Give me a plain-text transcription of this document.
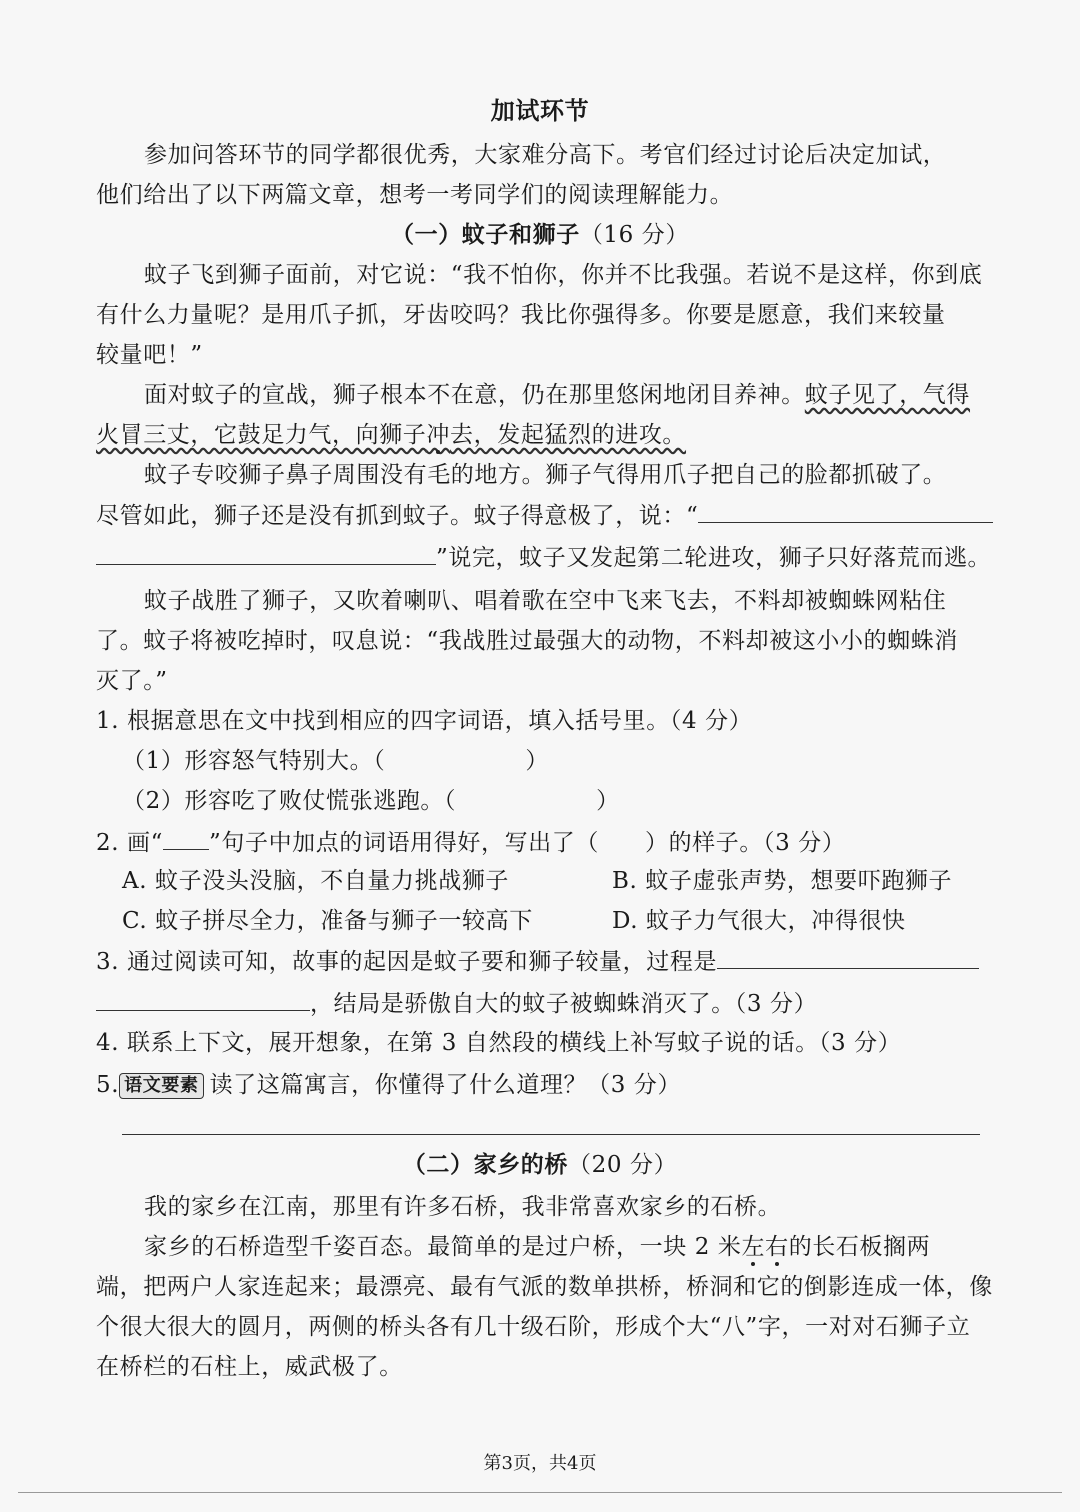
加试环节
参加问答环节的同学都很优秀，大家难分高下。考官们经过讨论后决定加试，
他们给出了以下两篇文章，想考一考同学们的阅读理解能力。
（一）蚊子和狮子（16 分）
蚊子飞到狮子面前，对它说：“我不怕你，你并不比我强。若说不是这样，你到底
有什么力量呢？是用爪子抓，牙齿咬吗？我比你强得多。你要是愿意，我们来较量
较量吧！”
面对蚊子的宣战，狮子根本不在意，仍在那里悠闲地闭目养神。蚊子见了，气得
火冒三丈，它鼓足力气，向狮子冲去，发起猛烈的进攻。
蚊子专咬狮子鼻子周围没有毛的地方。狮子气得用爪子把自己的脸都抓破了。
尽管如此，狮子还是没有抓到蚊子。蚊子得意极了，说：“
”说完，蚊子又发起第二轮进攻，狮子只好落荒而逃。
蚊子战胜了狮子，又吹着喇叭、唱着歌在空中飞来飞去，不料却被蜘蛛网粘住
了。蚊子将被吃掉时，叹息说：“我战胜过最强大的动物，不料却被这小小的蜘蛛消
灭了。”
1. 根据意思在文中找到相应的四字词语，填入括号里。（4 分）
（1）形容怒气特别大。（	）
（2）形容吃了败仗慌张逃跑。（	）
2. 画“ ”句子中加点的词语用得好，写出了（ ）的样子。（3 分）
A. 蚊子没头没脑，不自量力挑战狮子	B. 蚊子虚张声势，想要吓跑狮子
C. 蚊子拼尽全力，准备与狮子一较高下	D. 蚊子力气很大，冲得很快
3. 通过阅读可知，故事的起因是蚊子要和狮子较量，过程是
，结局是骄傲自大的蚊子被蜘蛛消灭了。（3 分）
4. 联系上下文，展开想象，在第 3 自然段的横线上补写蚊子说的话。（3 分）
5. 语文要素 读了这篇寓言，你懂得了什么道理？（3 分）
（二）家乡的桥（20 分）
我的家乡在江南，那里有许多石桥，我非常喜欢家乡的石桥。
家乡的石桥造型千姿百态。最简单的是过户桥，一块 2 米左右的长石板搁两
端，把两户人家连起来；最漂亮、最有气派的数单拱桥，桥洞和它的倒影连成一体，像
个很大很大的圆月，两侧的桥头各有几十级石阶，形成个大“八”字，一对对石狮子立
在桥栏的石柱上，威武极了。
第3页，共4页
